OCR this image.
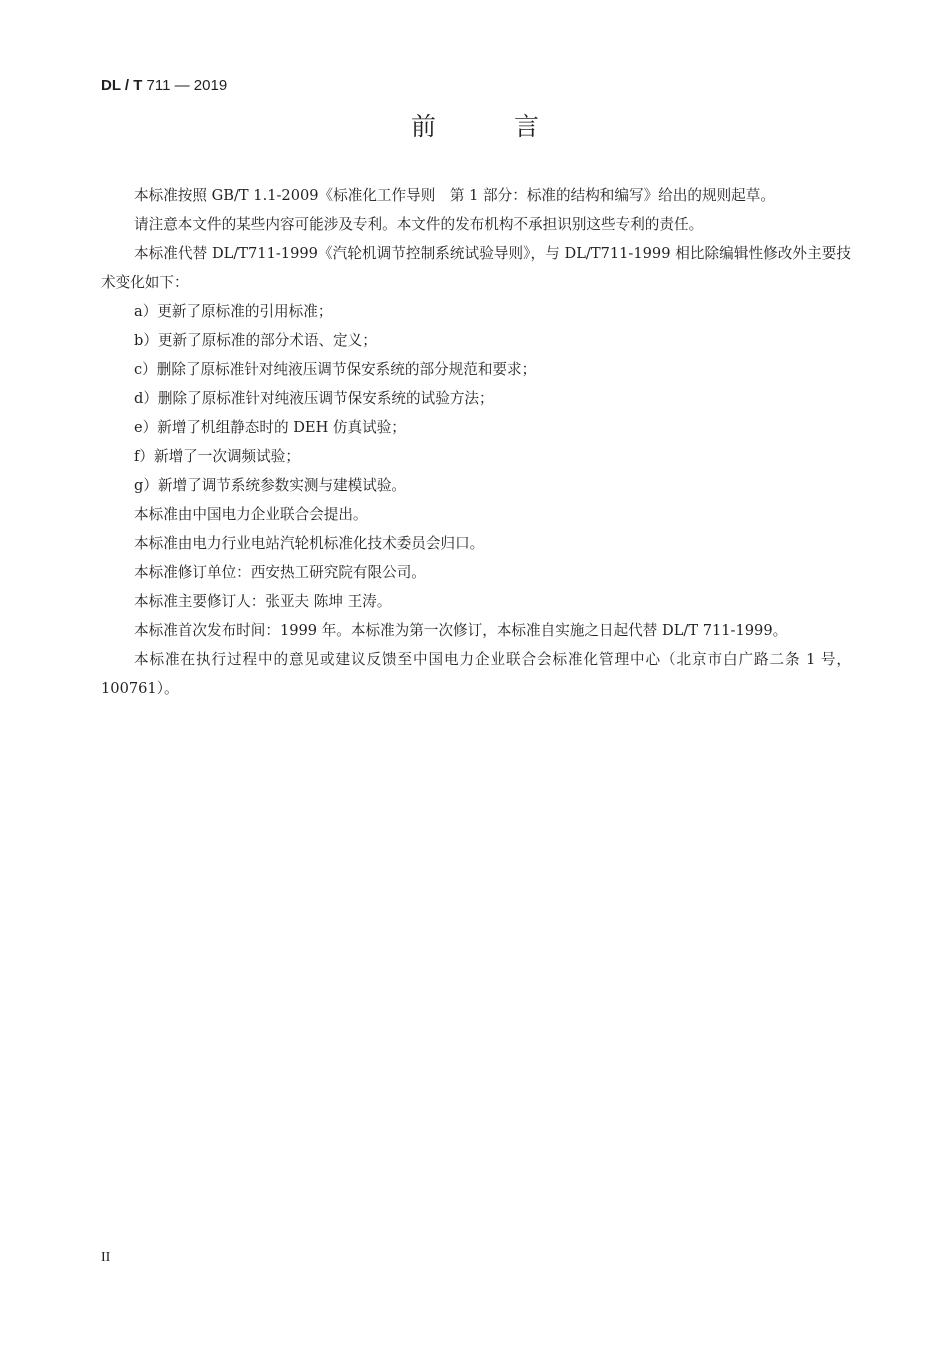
DL / T 711 — 2019
前	言

本标准按照 GB/T 1.1-2009《标准化工作导则　第 1 部分：标准的结构和编写》给出的规则起草。

请注意本文件的某些内容可能涉及专利。本文件的发布机构不承担识别这些专利的责任。

本标准代替 DL/T711-1999《汽轮机调节控制系统试验导则》，与 DL/T711-1999 相比除编辑性修改外主要技术变化如下：

a）更新了原标准的引用标准；

b）更新了原标准的部分术语、定义；

c）删除了原标准针对纯液压调节保安系统的部分规范和要求；

d）删除了原标准针对纯液压调节保安系统的试验方法；

e）新增了机组静态时的 DEH 仿真试验；

f）新增了一次调频试验；

g）新增了调节系统参数实测与建模试验。

本标准由中国电力企业联合会提出。

本标准由电力行业电站汽轮机标准化技术委员会归口。

本标准修订单位：西安热工研究院有限公司。

本标准主要修订人：张亚夫 陈坤 王涛。

本标准首次发布时间：1999 年。本标准为第一次修订，本标准自实施之日起代替 DL/T 711-1999。

本标准在执行过程中的意见或建议反馈至中国电力企业联合会标准化管理中心（北京市白广路二条 1 号，100761）。

II
